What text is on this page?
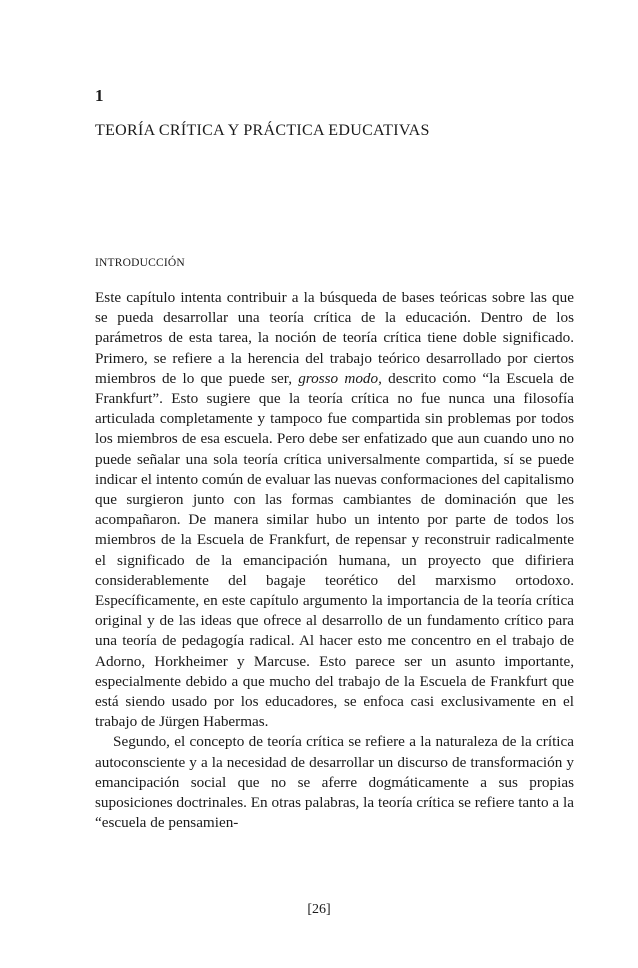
1
TEORÍA CRÍTICA Y PRÁCTICA EDUCATIVAS
INTRODUCCIÓN

Este capítulo intenta contribuir a la búsqueda de bases teóricas sobre las que se pueda desarrollar una teoría crítica de la educación. Dentro de los parámetros de esta tarea, la noción de teoría crítica tiene doble significado. Primero, se refiere a la herencia del trabajo teórico desarrollado por ciertos miembros de lo que puede ser, grosso modo, descrito como “la Escuela de Frankfurt”. Esto sugiere que la teoría crítica no fue nunca una filosofía articulada completamente y tampoco fue compartida sin problemas por todos los miembros de esa escuela. Pero debe ser enfatizado que aun cuando uno no puede señalar una sola teoría crítica universalmente compartida, sí se puede indicar el intento común de evaluar las nuevas conformaciones del capitalismo que surgieron junto con las formas cambiantes de dominación que les acompañaron. De manera similar hubo un intento por parte de todos los miembros de la Escuela de Frankfurt, de repensar y reconstruir radicalmente el significado de la emancipación humana, un proyecto que difiriera considerablemente del bagaje teorético del marxismo ortodoxo. Específicamente, en este capítulo argumento la importancia de la teoría crítica original y de las ideas que ofrece al desarrollo de un fundamento crítico para una teoría de pedagogía radical. Al hacer esto me concentro en el trabajo de Adorno, Horkheimer y Marcuse. Esto parece ser un asunto importante, especialmente debido a que mucho del trabajo de la Escuela de Frankfurt que está siendo usado por los educadores, se enfoca casi exclusivamente en el trabajo de Jürgen Habermas.

Segundo, el concepto de teoría crítica se refiere a la naturaleza de la crítica autoconsciente y a la necesidad de desarrollar un discurso de transformación y emancipación social que no se aferre dogmáticamente a sus propias suposiciones doctrinales. En otras palabras, la teoría crítica se refiere tanto a la “escuela de pensamien-

[26]
